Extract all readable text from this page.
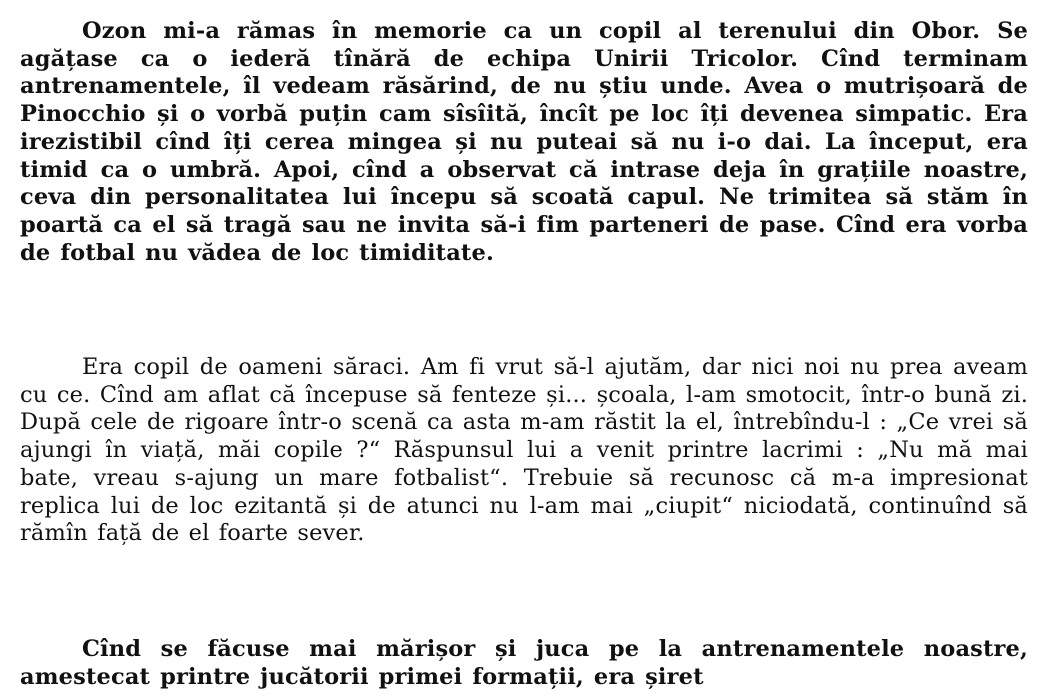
Ozon mi-a rămas în memorie ca un copil al terenului din Obor. Se agățase ca o iederă tînără de echipa Unirii Tricolor. Cînd terminam antrenamentele, îl vedeam răsărind, de nu știu unde. Avea o mutrișoară de Pinocchio și o vorbă puțin cam sîsîită, încît pe loc îți devenea simpatic. Era irezistibil cînd îți cerea mingea și nu puteai să nu i-o dai. La început, era timid ca o umbră. Apoi, cînd a observat că intrase deja în grațiile noastre, ceva din personalitatea lui începu să scoată capul. Ne trimitea să stăm în poartă ca el să tragă sau ne invita să-i fim parteneri de pase. Cînd era vorba de fotbal nu vădea de loc timiditate.

Era copil de oameni săraci. Am fi vrut să-l ajutăm, dar nici noi nu prea aveam cu ce. Cînd am aflat că începuse să fenteze și... școala, l-am smotocit, într-o bună zi. După cele de rigoare într-o scenă ca asta m-am răstit la el, întrebîndu-l : „Ce vrei să ajungi în viață, măi copile ?“ Răspunsul lui a venit printre lacrimi : „Nu mă mai bate, vreau s-ajung un mare fotbalist“. Trebuie să recunosc că m-a impresionat replica lui de loc ezitantă și de atunci nu l-am mai „ciupit“ niciodată, continuînd să rămîn față de el foarte sever.

Cînd se făcuse mai mărișor și juca pe la antrenamentele noastre, amestecat printre jucătorii primei formații, era șiret
